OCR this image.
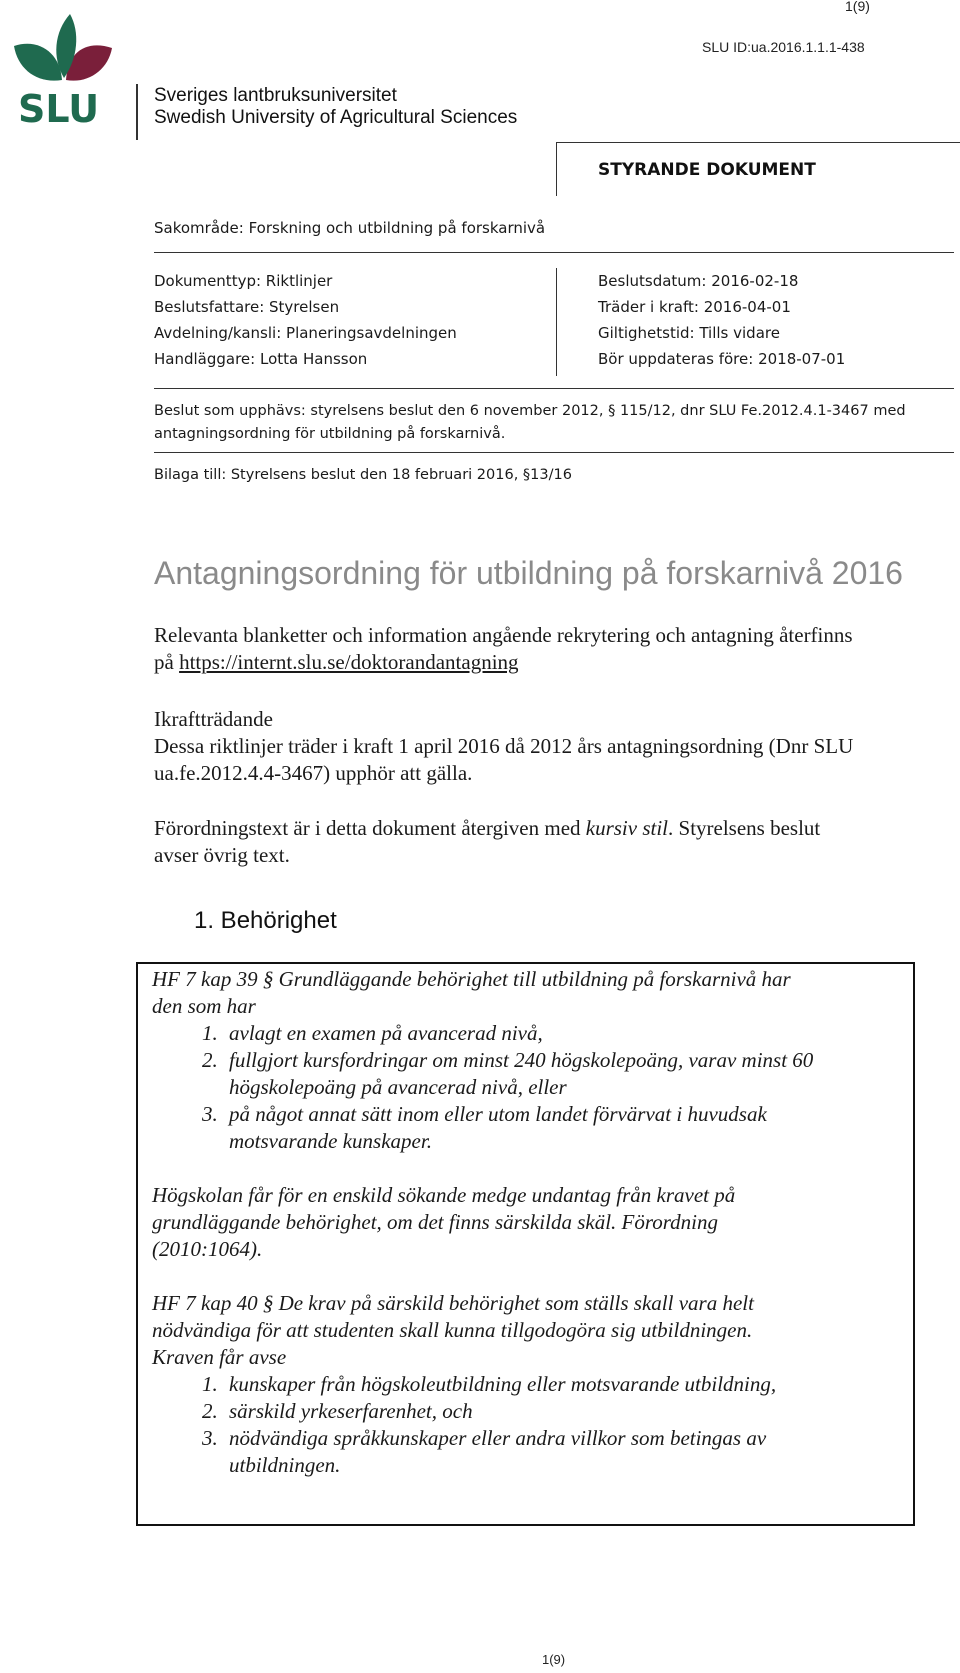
1(9)
SLU ID:ua.2016.1.1.1-438
SLU	Sveriges lantbruksuniversitet
Swedish University of Agricultural Sciences
STYRANDE DOKUMENT
Sakområde: Forskning och utbildning på forskarnivå
Dokumenttyp: Riktlinjer
Beslutsfattare: Styrelsen
Avdelning/kansli: Planeringsavdelningen
Handläggare: Lotta Hansson
Beslutsdatum: 2016-02-18
Träder i kraft: 2016-04-01
Giltighetstid: Tills vidare
Bör uppdateras före: 2018-07-01
Beslut som upphävs: styrelsens beslut den 6 november 2012, § 115/12, dnr SLU Fe.2012.4.1-3467 med
antagningsordning för utbildning på forskarnivå.
Bilaga till: Styrelsens beslut den 18 februari 2016, §13/16
Antagningsordning för utbildning på forskarnivå 2016
Relevanta blanketter och information angående rekrytering och antagning återfinns
på https://internt.slu.se/doktorandantagning
Ikraftträdande
Dessa riktlinjer träder i kraft 1 april 2016 då 2012 års antagningsordning (Dnr SLU
ua.fe.2012.4.4-3467) upphör att gälla.
Förordningstext är i detta dokument återgiven med kursiv stil. Styrelsens beslut
avser övrig text.
1. Behörighet
HF 7 kap 39 § Grundläggande behörighet till utbildning på forskarnivå har
den som har
1. avlagt en examen på avancerad nivå,
2. fullgjort kursfordringar om minst 240 högskolepoäng, varav minst 60
högskolepoäng på avancerad nivå, eller
3. på något annat sätt inom eller utom landet förvärvat i huvudsak
motsvarande kunskaper.
Högskolan får för en enskild sökande medge undantag från kravet på
grundläggande behörighet, om det finns särskilda skäl. Förordning
(2010:1064).
HF 7 kap 40 § De krav på särskild behörighet som ställs skall vara helt
nödvändiga för att studenten skall kunna tillgodogöra sig utbildningen.
Kraven får avse
1. kunskaper från högskoleutbildning eller motsvarande utbildning,
2. särskild yrkeserfarenhet, och
3. nödvändiga språkkunskaper eller andra villkor som betingas av
utbildningen.
1(9)
